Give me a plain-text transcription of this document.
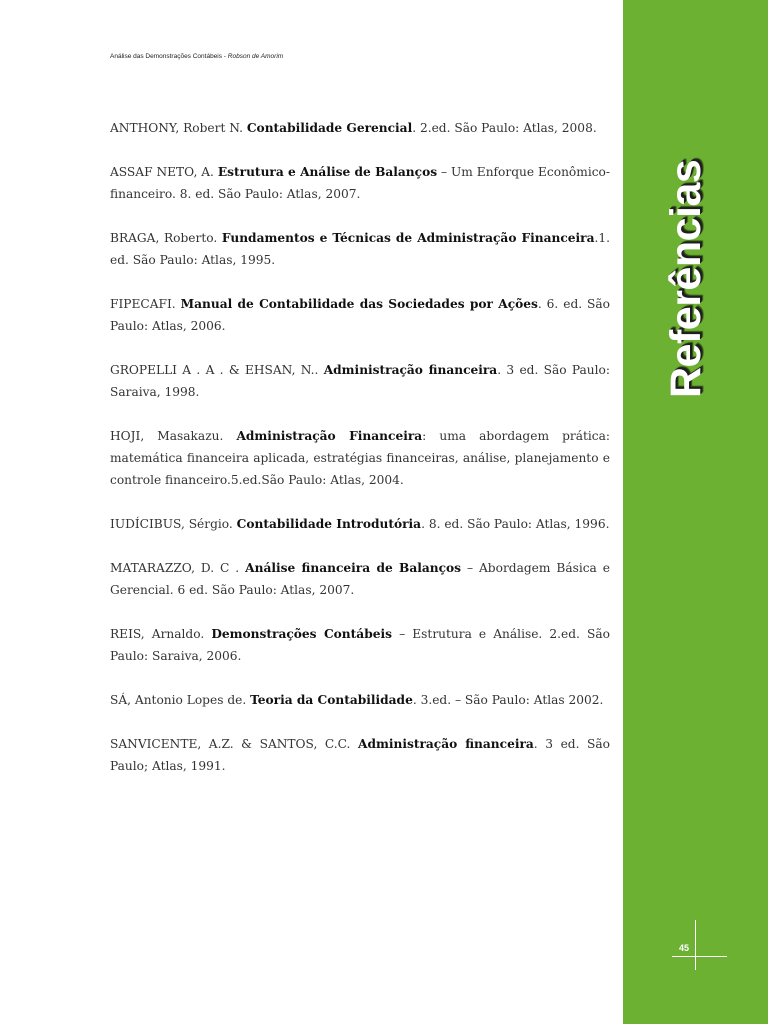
Análise das Demonstrações Contábeis - Robson de Amorim

ANTHONY, Robert N. Contabilidade Gerencial. 2.ed. São Paulo: Atlas, 2008.

ASSAF NETO, A. Estrutura e Análise de Balanços – Um Enforque Econômico-financeiro. 8. ed. São Paulo: Atlas, 2007.

BRAGA, Roberto. Fundamentos e Técnicas de Administração Financeira.1. ed. São Paulo: Atlas, 1995.

FIPECAFI. Manual de Contabilidade das Sociedades por Ações. 6. ed. São Paulo: Atlas, 2006.

GROPELLI A . A . & EHSAN, N.. Administração financeira. 3 ed. São Paulo: Saraiva, 1998.

HOJI, Masakazu. Administração Financeira: uma abordagem prática: matemática financeira aplicada, estratégias financeiras, análise, planejamento e controle financeiro.5.ed.São Paulo: Atlas, 2004.

IUDÍCIBUS, Sérgio. Contabilidade Introdutória. 8. ed. São Paulo: Atlas, 1996.

MATARAZZO, D. C . Análise financeira de Balanços – Abordagem Básica e Gerencial. 6 ed. São Paulo: Atlas, 2007.

REIS, Arnaldo. Demonstrações Contábeis – Estrutura e Análise. 2.ed. São Paulo: Saraiva, 2006.

SÁ, Antonio Lopes de. Teoria da Contabilidade. 3.ed. – São Paulo: Atlas 2002.

SANVICENTE, A.Z. & SANTOS, C.C. Administração financeira. 3 ed. São Paulo; Atlas, 1991.

Referências
45
